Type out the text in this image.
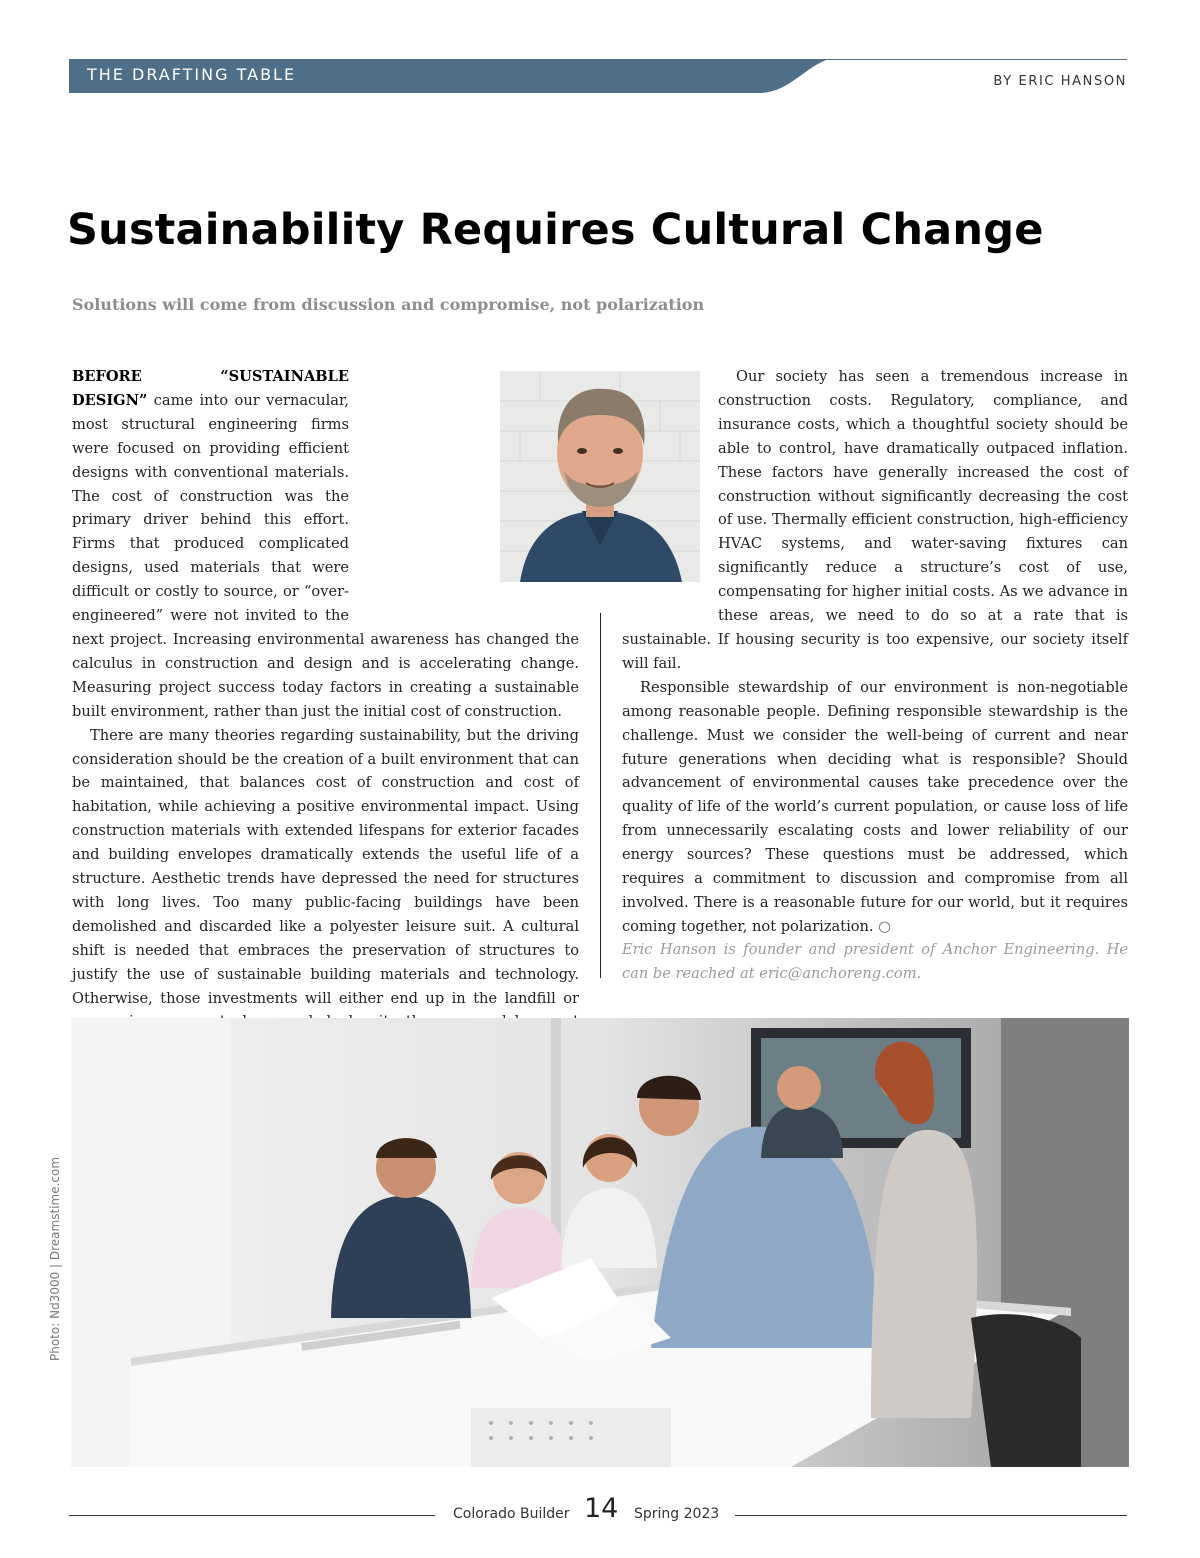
THE DRAFTING TABLE	BY ERIC HANSON
Sustainability Requires Cultural Change
Solutions will come from discussion and compromise, not polarization

BEFORE “SUSTAINABLE DESIGN” came into our vernacular, most structural engineering firms were focused on providing efficient designs with conventional materials. The cost of construction was the primary driver behind this effort. Firms that produced complicated designs, used materials that were difficult or costly to source, or “over-engineered” were not invited to the next project. Increasing environmental awareness has changed the calculus in construction and design and is accelerating change. Measuring project success today factors in creating a sustainable built environment, rather than just the initial cost of construction.

There are many theories regarding sustainability, but the driving consideration should be the creation of a built environment that can be maintained, that balances cost of construction and cost of habitation, while achieving a positive environmental impact. Using construction materials with extended lifespans for exterior facades and building envelopes dramatically extends the useful life of a structure. Aesthetic trends have depressed the need for structures with long lives. Too many public-facing buildings have been demolished and discarded like a polyester leisure suit. A cultural shift is needed that embraces the preservation of structures to justify the use of sustainable building materials and technology. Otherwise, those investments will either end up in the landfill or

Our society has seen a tremendous increase in construction costs. Regulatory, compliance, and insurance costs, which a thoughtful society should be able to control, have dramatically outpaced inflation. These factors have generally increased the cost of construction without significantly decreasing the cost of use. Thermally efficient construction, high-efficiency HVAC systems, and water-saving fixtures can significantly reduce a structure’s cost of use, compensating for higher initial costs. As we advance in these areas, we need to do so at a rate that is sustainable. If housing security is too expensive, our society itself will fail.

Responsible stewardship of our environment is non-negotiable among reasonable people. Defining responsible stewardship is the challenge. Must we consider the well-being of current and near future generations when deciding what is responsible? Should advancement of environmental causes take precedence over the quality of life of the world’s current population, or cause loss of life from unnecessarily escalating costs and lower reliability of our energy sources? These questions must be addressed, which requires a commitment to discussion and compromise from all involved. There is a reasonable future for our world, but it requires coming together, not polarization. ○

Eric Hanson is founder and president of Anchor Engineering. He can be reached at eric@anchoreng.com.

Photo: Nd3000 | Dreamstime.com
Colorado Builder 14 Spring 2023
